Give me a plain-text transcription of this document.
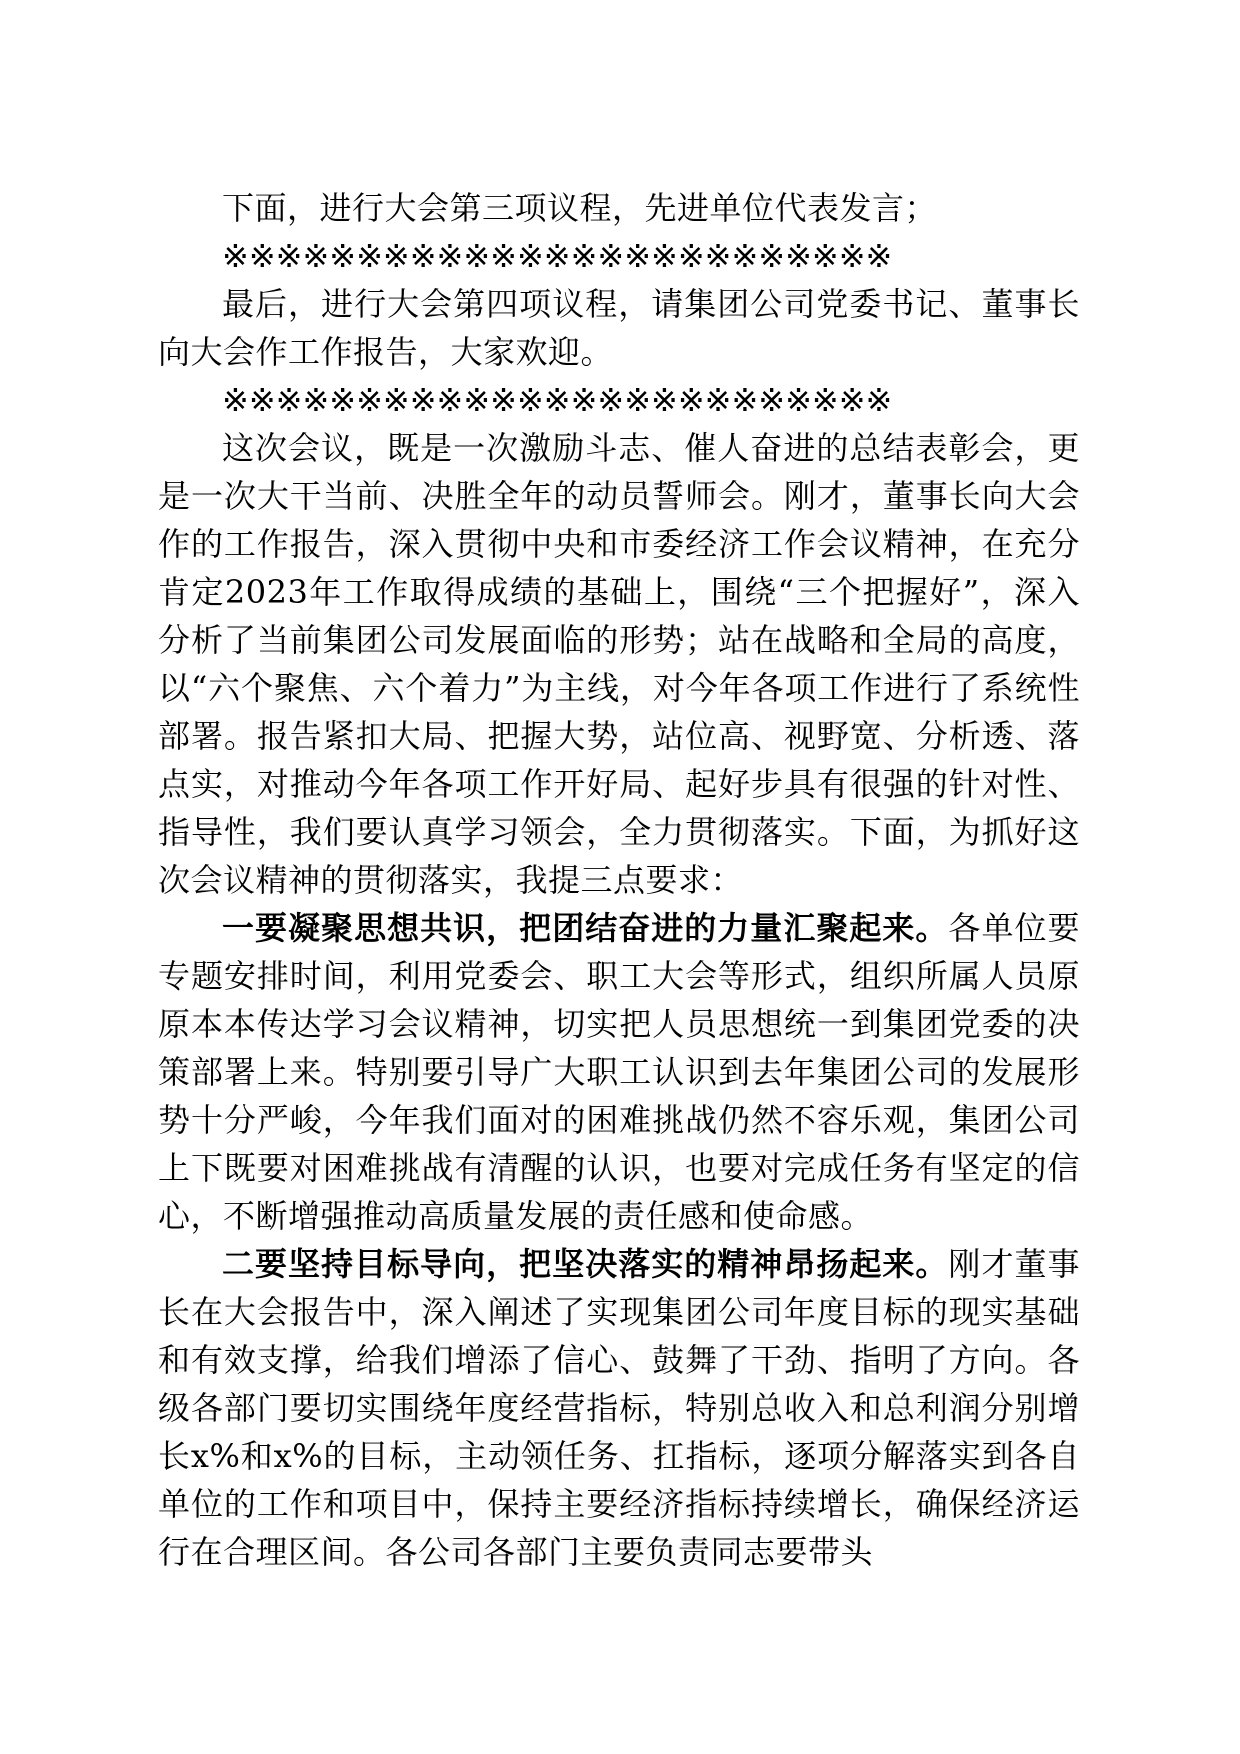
下面，进行大会第三项议程，先进单位代表发言；

※※※※※※※※※※※※※※※※※※※※※※※※※

最后，进行大会第四项议程，请集团公司党委书记、董事长向大会作工作报告，大家欢迎。

※※※※※※※※※※※※※※※※※※※※※※※※※

这次会议，既是一次激励斗志、催人奋进的总结表彰会，更是一次大干当前、决胜全年的动员誓师会。刚才，董事长向大会作的工作报告，深入贯彻中央和市委经济工作会议精神，在充分肯定2023年工作取得成绩的基础上，围绕“三个把握好”，深入分析了当前集团公司发展面临的形势；站在战略和全局的高度，以“六个聚焦、六个着力”为主线，对今年各项工作进行了系统性部署。报告紧扣大局、把握大势，站位高、视野宽、分析透、落点实，对推动今年各项工作开好局、起好步具有很强的针对性、指导性，我们要认真学习领会，全力贯彻落实。下面，为抓好这次会议精神的贯彻落实，我提三点要求：

一要凝聚思想共识，把团结奋进的力量汇聚起来。各单位要专题安排时间，利用党委会、职工大会等形式，组织所属人员原原本本传达学习会议精神，切实把人员思想统一到集团党委的决策部署上来。特别要引导广大职工认识到去年集团公司的发展形势十分严峻，今年我们面对的困难挑战仍然不容乐观，集团公司上下既要对困难挑战有清醒的认识，也要对完成任务有坚定的信心，不断增强推动高质量发展的责任感和使命感。

二要坚持目标导向，把坚决落实的精神昂扬起来。刚才董事长在大会报告中，深入阐述了实现集团公司年度目标的现实基础和有效支撑，给我们增添了信心、鼓舞了干劲、指明了方向。各级各部门要切实围绕年度经营指标，特别总收入和总利润分别增长x%和x%的目标，主动领任务、扛指标，逐项分解落实到各自单位的工作和项目中，保持主要经济指标持续增长，确保经济运行在合理区间。各公司各部门主要负责同志要带头
